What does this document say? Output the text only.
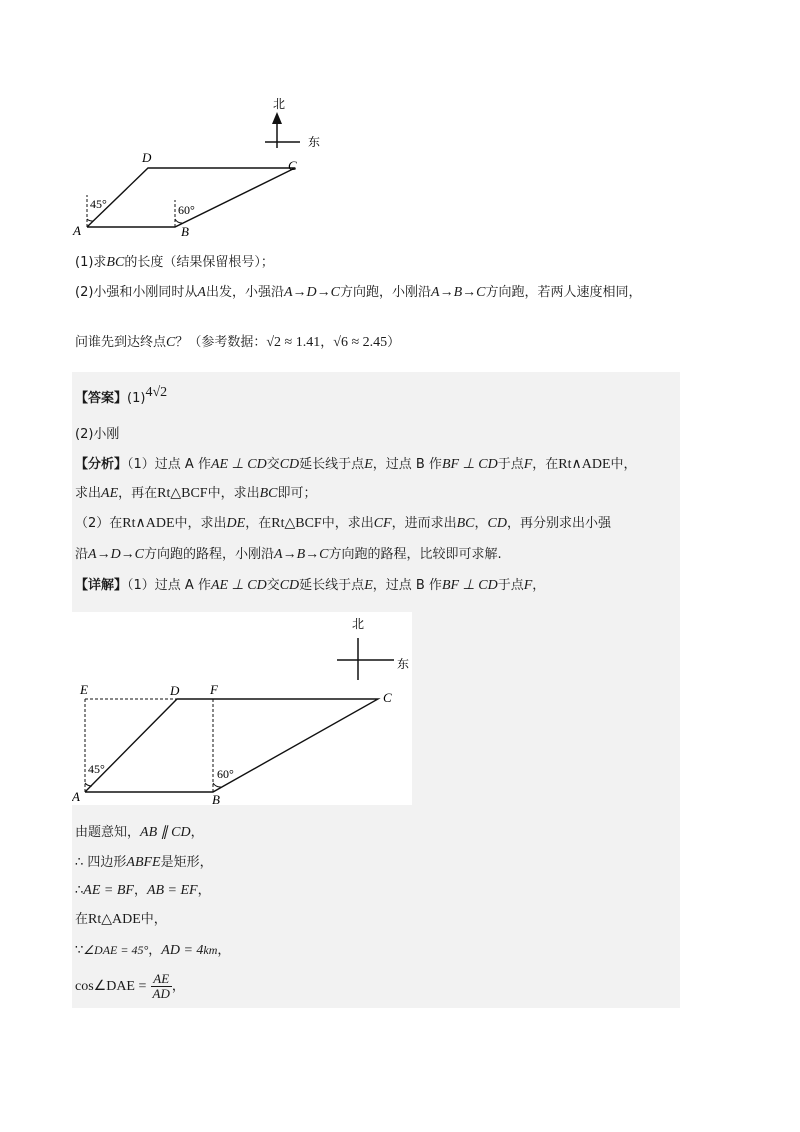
北
东
45°	60°
A	B
C
D
(1)求BC的长度（结果保留根号）；
(2)小强和小刚同时从A出发，小强沿A→D→C方向跑，小刚沿A→B→C方向跑，若两人速度相同，
问谁先到达终点C？（参考数据：√2 ≈ 1.41，√6 ≈ 2.45）
【答案】(1)4√2
(2)小刚
【分析】（1）过点 A 作AE ⊥ CD交CD延长线于点E，过点 B 作BF ⊥ CD于点F，在Rt∧ADE中，
求出AE，再在Rt△BCF中，求出BC即可；
（2）在Rt∧ADE中，求出DE，在Rt△BCF中，求出CF，进而求出BC，CD，再分别求出小强
沿A→D→C方向跑的路程，小刚沿A→B→C方向跑的路程，比较即可求解.
【详解】（1）过点 A 作AE ⊥ CD交CD延长线于点E，过点 B 作BF ⊥ CD于点F，
北
东
45°	60°
A	B
C
D
E	F
由题意知，AB ∥ CD，
∴ 四边形ABFE是矩形，
∴AE = BF，AB = EF，
在Rt△ADE中，
∵∠DAE = 45°，AD = 4km，
cos∠DAE = $\frac{AE}{AD}$ ，
